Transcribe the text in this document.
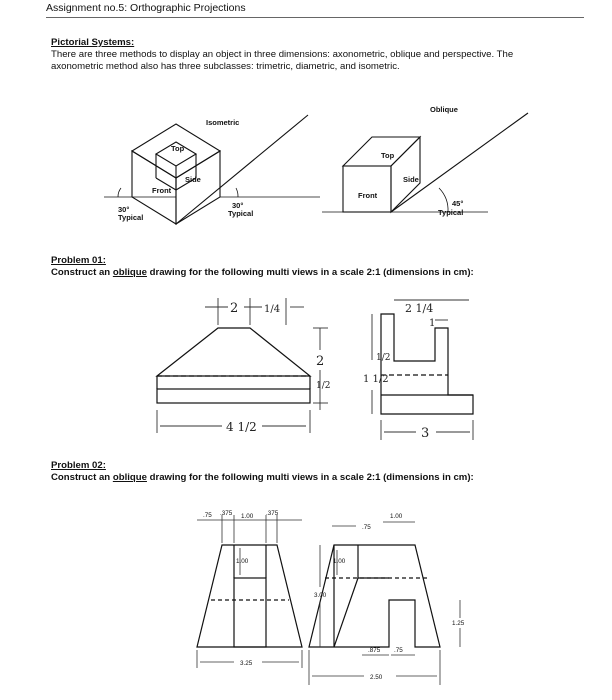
Assignment no.5: Orthographic Projections
Pictorial Systems:
There are three methods to display an object in three dimensions: axonometric, oblique and perspective. The
axonometric method also has three subclasses: trimetric, diametric, and isometric.
Problem 01:
Construct an oblique drawing for the following multi views in a scale 2:1 (dimensions in cm):
Problem 02:
Construct an oblique drawing for the following multi views in a scale 2:1 (dimensions in cm):
Isometric
Top
Side
Front
30°
Typical
30°
Typical
Oblique
Top
Side
Front
45°
Typical
2	1/4
2
1/2
4 1/2
2 1/4
1
1 1/2
1/2
3
.75 .375 1.00 .375
1.00
3.25
.75
1.00
1.00
3.00
1.25
.875 .75
2.50
